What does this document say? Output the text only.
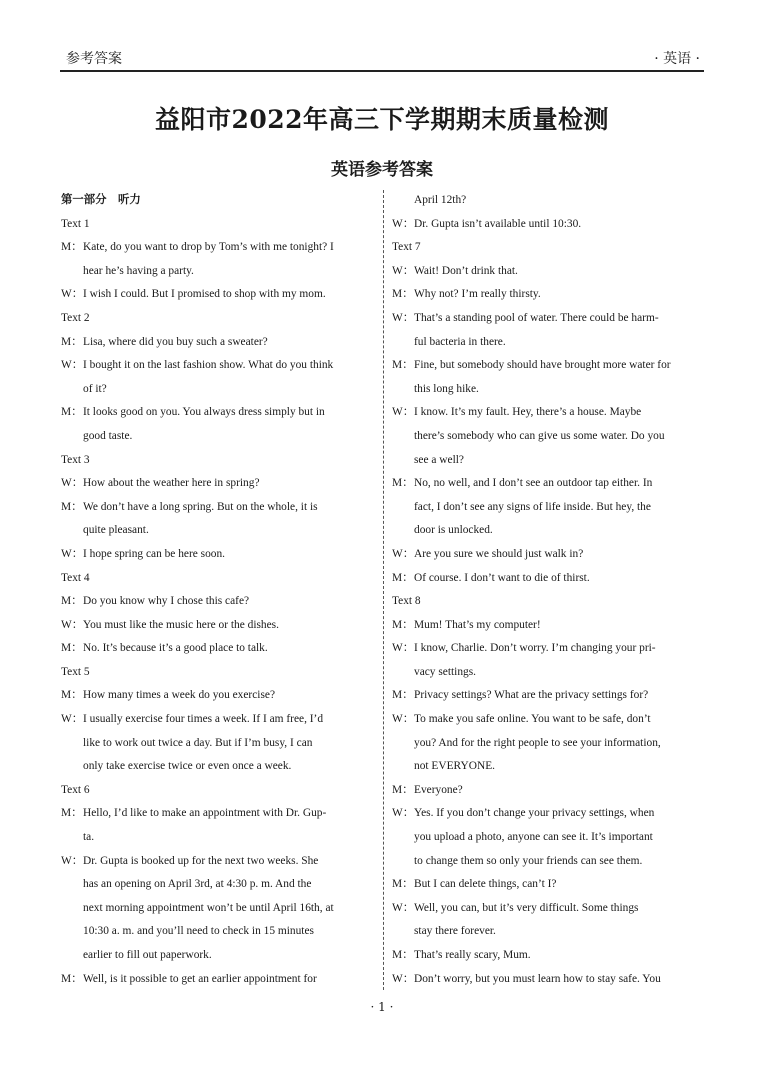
参考答案	· 英语 ·
益阳市2022年高三下学期期末质量检测
英语参考答案
第一部分　听力
Text 1
M：Kate, do you want to drop by Tom’s with me tonight? I
hear he’s having a party.
W：I wish I could. But I promised to shop with my mom.
Text 2
M：Lisa, where did you buy such a sweater?
W：I bought it on the last fashion show. What do you think
of it?
M：It looks good on you. You always dress simply but in
good taste.
Text 3
W：How about the weather here in spring?
M：We don’t have a long spring. But on the whole, it is
quite pleasant.
W：I hope spring can be here soon.
Text 4
M：Do you know why I chose this cafe?
W：You must like the music here or the dishes.
M：No. It’s because it’s a good place to talk.
Text 5
M：How many times a week do you exercise?
W：I usually exercise four times a week. If I am free, I’d
like to work out twice a day. But if I’m busy, I can
only take exercise twice or even once a week.
Text 6
M：Hello, I’d like to make an appointment with Dr. Gup-
ta.
W：Dr. Gupta is booked up for the next two weeks. She
has an opening on April 3rd, at 4:30 p. m. And the
next morning appointment won’t be until April 16th, at
10:30 a. m. and you’ll need to check in 15 minutes
earlier to fill out paperwork.
M：Well, is it possible to get an earlier appointment for
April 12th?
W：Dr. Gupta isn’t available until 10:30.
Text 7
W：Wait! Don’t drink that.
M：Why not? I’m really thirsty.
W：That’s a standing pool of water. There could be harm-
ful bacteria in there.
M：Fine, but somebody should have brought more water for
this long hike.
W：I know. It’s my fault. Hey, there’s a house. Maybe
there’s somebody who can give us some water. Do you
see a well?
M：No, no well, and I don’t see an outdoor tap either. In
fact, I don’t see any signs of life inside. But hey, the
door is unlocked.
W：Are you sure we should just walk in?
M：Of course. I don’t want to die of thirst.
Text 8
M：Mum! That’s my computer!
W：I know, Charlie. Don’t worry. I’m changing your pri-
vacy settings.
M：Privacy settings? What are the privacy settings for?
W：To make you safe online. You want to be safe, don’t
you? And for the right people to see your information,
not EVERYONE.
M：Everyone?
W：Yes. If you don’t change your privacy settings, when
you upload a photo, anyone can see it. It’s important
to change them so only your friends can see them.
M：But I can delete things, can’t I?
W：Well, you can, but it’s very difficult. Some things
stay there forever.
M：That’s really scary, Mum.
W：Don’t worry, but you must learn how to stay safe. You
· 1 ·
